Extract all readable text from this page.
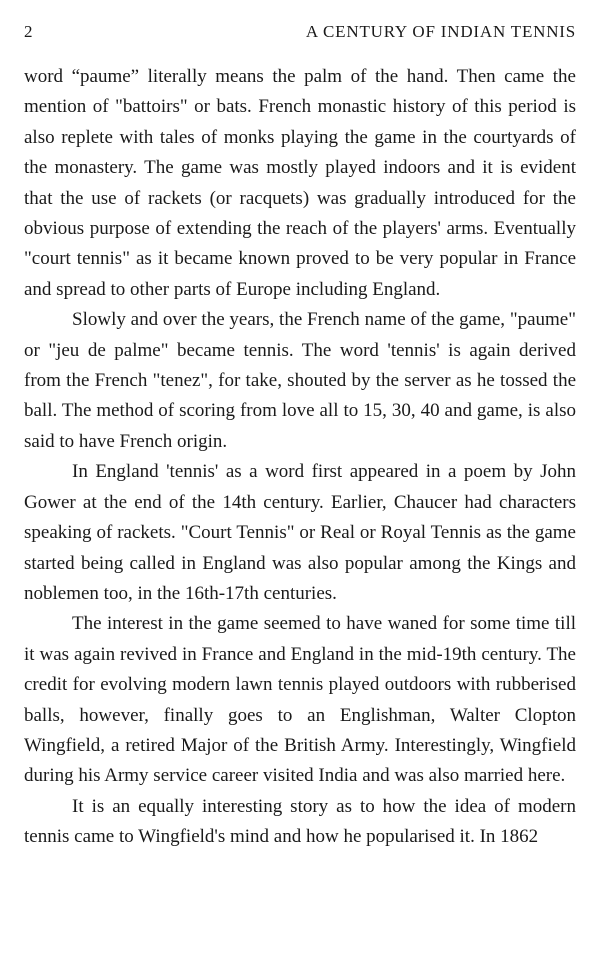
2	A CENTURY OF INDIAN TENNIS

word “paume” literally means the palm of the hand. Then came the mention of "battoirs" or bats. French monastic history of this period is also replete with tales of monks playing the game in the courtyards of the monastery. The game was mostly played indoors and it is evident that the use of rackets (or racquets) was gradually introduced for the obvious purpose of extending the reach of the players' arms. Eventually "court tennis" as it became known proved to be very popular in France and spread to other parts of Europe including England.

Slowly and over the years, the French name of the game, "paume" or "jeu de palme" became tennis. The word 'tennis' is again derived from the French "tenez", for take, shouted by the server as he tossed the ball. The method of scoring from love all to 15, 30, 40 and game, is also said to have French origin.

In England 'tennis' as a word first appeared in a poem by John Gower at the end of the 14th century. Earlier, Chaucer had characters speaking of rackets. "Court Tennis" or Real or Royal Tennis as the game started being called in England was also popular among the Kings and noblemen too, in the 16th-17th centuries.

The interest in the game seemed to have waned for some time till it was again revived in France and England in the mid-19th century. The credit for evolving modern lawn tennis played outdoors with rubberised balls, however, finally goes to an Englishman, Walter Clopton Wingfield, a retired Major of the British Army. Interestingly, Wingfield during his Army service career visited India and was also married here.

It is an equally interesting story as to how the idea of modern tennis came to Wingfield's mind and how he popularised it. In 1862
